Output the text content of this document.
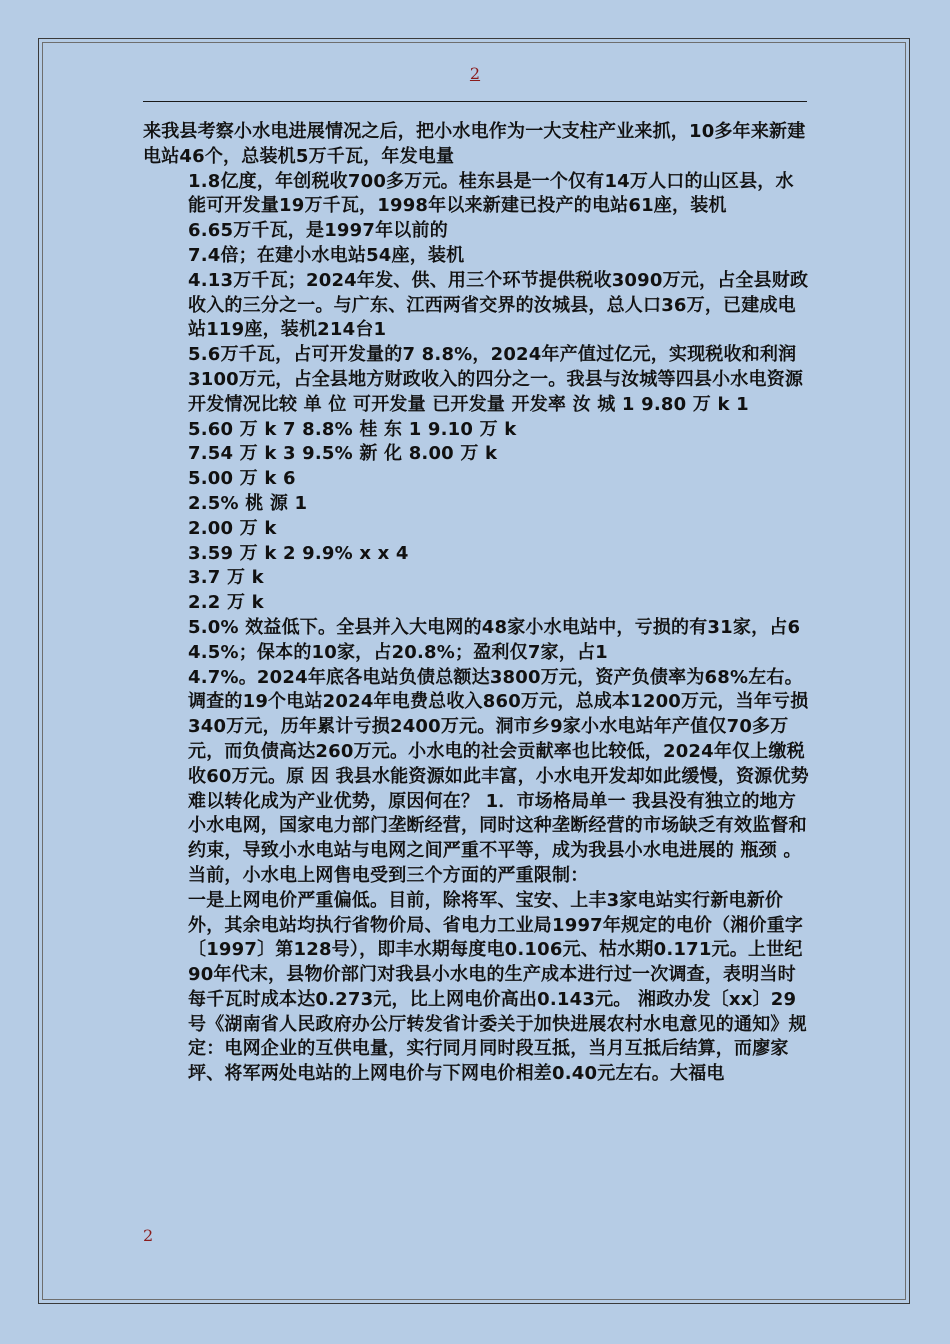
2

来我县考察小水电进展情况之后，把小水电作为一大支柱产业来抓，10多年来新建电站46个，总装机5万千瓦，年发电量

1.8亿度，年创税收700多万元。桂东县是一个仅有14万人口的山区县，水能可开发量19万千瓦，1998年以来新建已投产的电站61座，装机

6.65万千瓦，是1997年以前的

7.4倍；在建小水电站54座，装机

4.13万千瓦；2024年发、供、用三个环节提供税收3090万元，占全县财政收入的三分之一。与广东、江西两省交界的汝城县，总人口36万，已建成电站119座，装机214台1

5.6万千瓦，占可开发量的7 8.8%，2024年产值过亿元，实现税收和利润3100万元，占全县地方财政收入的四分之一。我县与汝城等四县小水电资源开发情况比较 单 位 可开发量 已开发量 开发率 汝 城 1 9.80 万 k 1

5.60 万 k 7 8.8% 桂 东 1 9.10 万 k

7.54 万 k 3 9.5% 新 化 8.00 万 k

5.00 万 k 6

2.5% 桃 源 1

2.00 万 k

3.59 万 k 2 9.9% x x 4

3.7 万 k

2.2 万 k

5.0% 效益低下。全县并入大电网的48家小水电站中，亏损的有31家，占6

4.5%；保本的10家，占20.8%；盈利仅7家，占1

4.7%。2024年底各电站负债总额达3800万元，资产负债率为68%左右。调查的19个电站2024年电费总收入860万元，总成本1200万元，当年亏损340万元，历年累计亏损2400万元。洞市乡9家小水电站年产值仅70多万元，而负债高达260万元。小水电的社会贡献率也比较低，2024年仅上缴税收60万元。原 因 我县水能资源如此丰富，小水电开发却如此缓慢，资源优势难以转化成为产业优势，原因何在？ 1．市场格局单一 我县没有独立的地方小水电网，国家电力部门垄断经营，同时这种垄断经营的市场缺乏有效监督和约束，导致小水电站与电网之间严重不平等，成为我县小水电进展的 瓶颈 。当前，小水电上网售电受到三个方面的严重限制：

一是上网电价严重偏低。目前，除将军、宝安、上丰3家电站实行新电新价外，其余电站均执行省物价局、省电力工业局1997年规定的电价（湘价重字〔1997〕第128号），即丰水期每度电0.106元、枯水期0.171元。上世纪90年代末，县物价部门对我县小水电的生产成本进行过一次调查，表明当时每千瓦时成本达0.273元，比上网电价高出0.143元。 湘政办发〔xx〕29号《湖南省人民政府办公厅转发省计委关于加快进展农村水电意见的通知》规定：电网企业的互供电量，实行同月同时段互抵，当月互抵后结算，而廖家坪、将军两处电站的上网电价与下网电价相差0.40元左右。大福电

2
